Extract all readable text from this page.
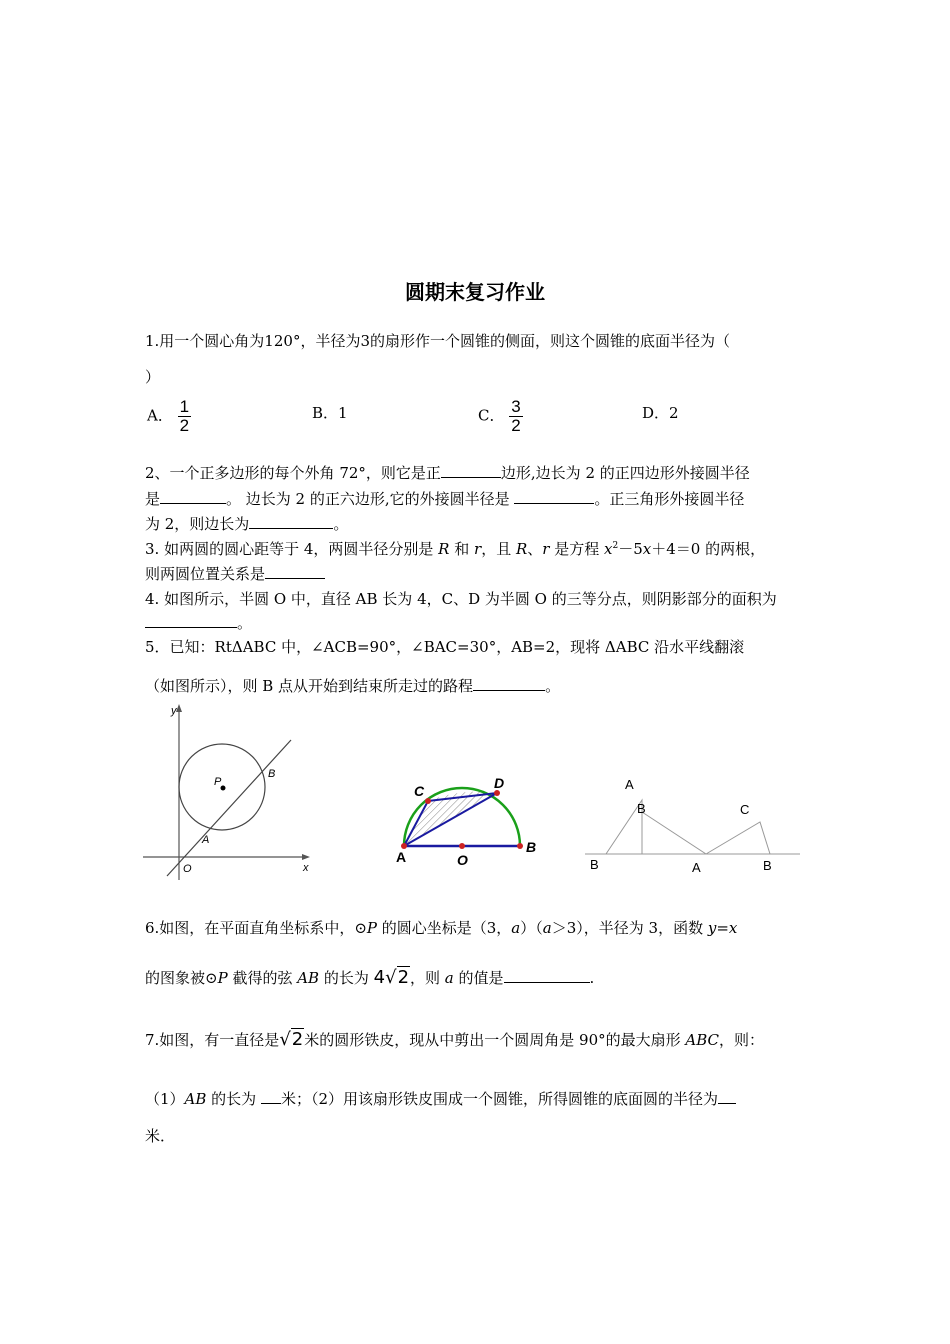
圆期末复习作业
1.用一个圆心角为120°，半径为3的扇形作一个圆锥的侧面，则这个圆锥的底面半径为（
）
A． $\frac{1}{2}$	B．1	C． $\frac{3}{2}$	D．2
2、一个正多边形的每个外角 72°，则它是正	边形,边长为 2 的正四边形外接圆半径
是	。 边长为 2 的正六边形,它的外接圆半径是	。正三角形外接圆半径
为 2，则边长为	。
3. 如两圆的圆心距等于 4，两圆半径分别是 R 和 r，且 R、r 是方程 $x^2-5x+4=0$ 的两根，
则两圆位置关系是
4. 如图所示，半圆 O 中，直径 AB 长为 4，C、D 为半圆 O 的三等分点，则阴影部分的面积为
。
5．已知：RtΔABC 中，∠ACB=90°，∠BAC=30°，AB=2，现将 ΔABC 沿水平线翻滚
（如图所示），则 B 点从开始到结束所走过的路程	。
y
x
O
P
A
B
C	D
A	O
B
A
B	C
B	A	B
6.如图，在平面直角坐标系中，⊙P 的圆心坐标是（3，a）（a＞3），半径为 3，函数 y=x
的图象被⊙P 截得的弦 AB 的长为 4√2，则 a 的值是	.
7.如图，有一直径是√2米的圆形铁皮，现从中剪出一个圆周角是 90°的最大扇形 ABC，则：
（1）AB 的长为 米；（2）用该扇形铁皮围成一个圆锥，所得圆锥的底面圆的半径为
米．
